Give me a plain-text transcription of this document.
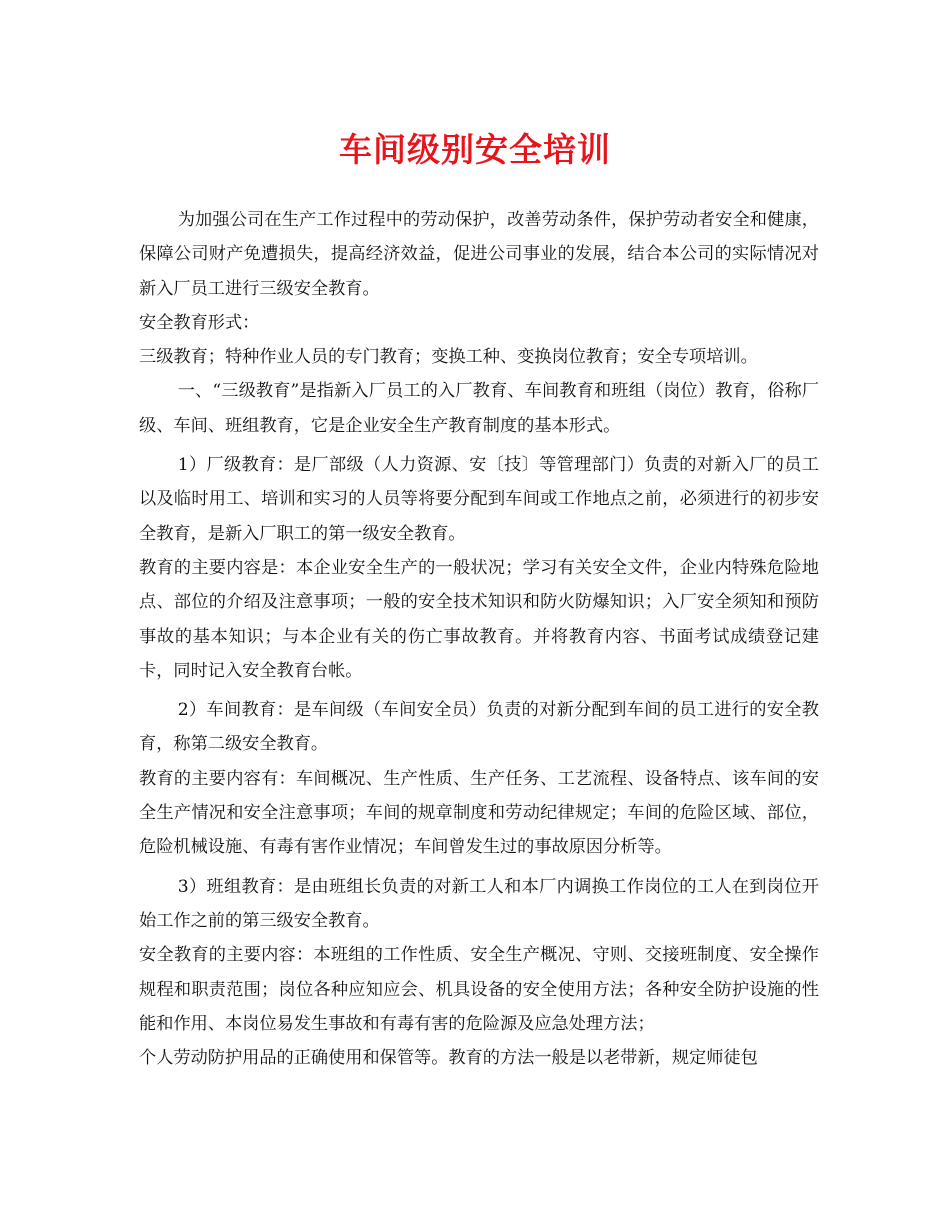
车间级别安全培训

为加强公司在生产工作过程中的劳动保护，改善劳动条件，保护劳动者安全和健康，保障公司财产免遭损失，提高经济效益，促进公司事业的发展，结合本公司的实际情况对新入厂员工进行三级安全教育。

安全教育形式：

三级教育；特种作业人员的专门教育；变换工种、变换岗位教育；安全专项培训。

一、“三级教育”是指新入厂员工的入厂教育、车间教育和班组（岗位）教育，俗称厂级、车间、班组教育，它是企业安全生产教育制度的基本形式。

1）厂级教育：是厂部级（人力资源、安〔技〕等管理部门）负责的对新入厂的员工以及临时用工、培训和实习的人员等将要分配到车间或工作地点之前，必须进行的初步安全教育，是新入厂职工的第一级安全教育。

教育的主要内容是：本企业安全生产的一般状况；学习有关安全文件，企业内特殊危险地点、部位的介绍及注意事项；一般的安全技术知识和防火防爆知识；入厂安全须知和预防事故的基本知识；与本企业有关的伤亡事故教育。并将教育内容、书面考试成绩登记建卡，同时记入安全教育台帐。

2）车间教育：是车间级（车间安全员）负责的对新分配到车间的员工进行的安全教育，称第二级安全教育。

教育的主要内容有：车间概况、生产性质、生产任务、工艺流程、设备特点、该车间的安全生产情况和安全注意事项；车间的规章制度和劳动纪律规定；车间的危险区域、部位，危险机械设施、有毒有害作业情况；车间曾发生过的事故原因分析等。

3）班组教育：是由班组长负责的对新工人和本厂内调换工作岗位的工人在到岗位开始工作之前的第三级安全教育。

安全教育的主要内容：本班组的工作性质、安全生产概况、守则、交接班制度、安全操作规程和职责范围；岗位各种应知应会、机具设备的安全使用方法；各种安全防护设施的性能和作用、本岗位易发生事故和有毒有害的危险源及应急处理方法；

个人劳动防护用品的正确使用和保管等。教育的方法一般是以老带新，规定师徒包
